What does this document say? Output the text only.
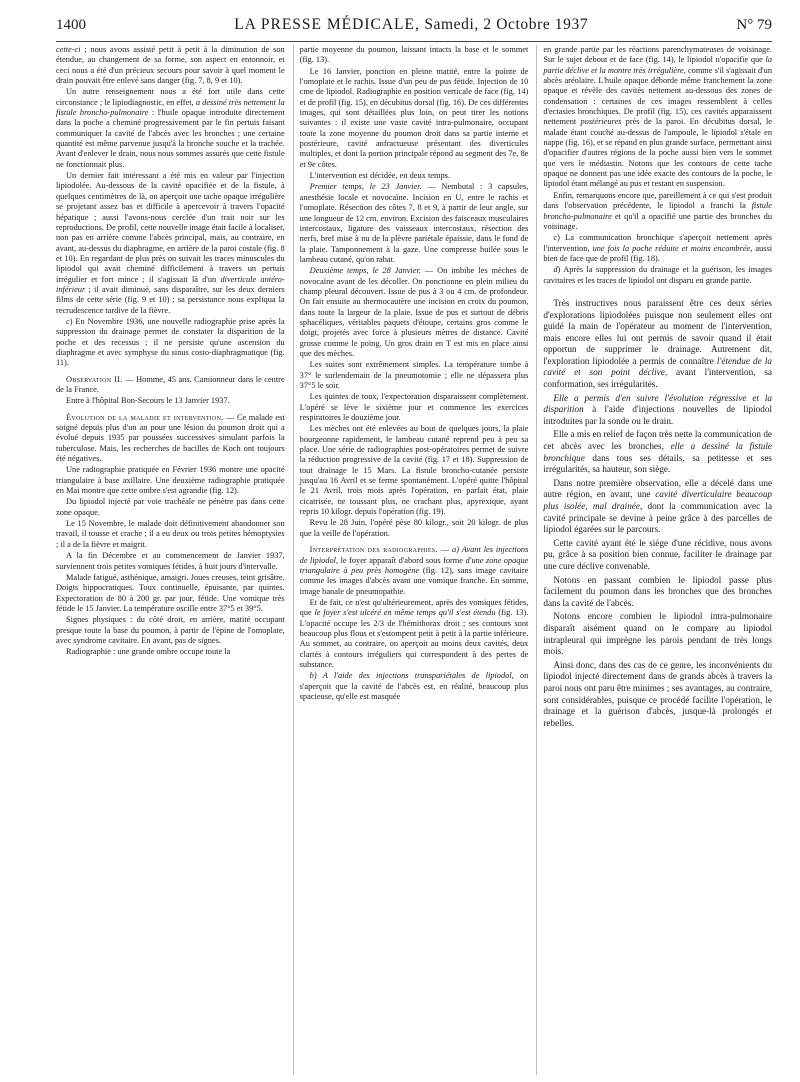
1400	LA PRESSE MÉDICALE, Samedi, 2 Octobre 1937	N° 79

cette-ci ; nous avons assisté petit à petit à la diminution de son étendue, au changement de sa forme, son aspect en entonnoir, et ceci nous a été d'un précieux secours pour savoir à quel moment le drain pouvait être enlevé sans danger (fig. 7, 8, 9 et 10).

Un autre renseignement nous a été fort utile dans cette circonstance ; le lipiodiagnostic, en effet, a dessiné très nettement la fistule broncho-pulmonaire : l'huile opaque introduite directement dans la poche a cheminé progressivement par le fin pertuis faisant communiquer la cavité de l'abcès avec les bronches ; une certaine quantité est même parvenue jusqu'à la bronche souche et la trachée. Avant d'enlever le drain, nous nous sommes assurés que cette fistule ne fonctionnait plus.

Un dernier fait intéressant a été mis en valeur par l'injection lipiodolée. Au-dessous de la cavité opacifiée et de la fistule, à quelques centimètres de là, on aperçoit une tache opaque irrégulière se projetant assez bas et difficile à apercevoir à travers l'opacité hépatique ; aussi l'avons-nous cerclée d'un trait noir sur les reproductions. De profil, cette nouvelle image était facile à localiser, non pas en arrière comme l'abcès principal, mais, au contraire, en avant, au-dessus du diaphragme, en arrière de la paroi costale (fig. 8 et 10). En regardant de plus près on suivait les traces minuscules du lipiodol qui avait cheminé difficilement à travers un pertuis irrégulier et fort mince ; il s'agissait là d'un diverticule antéro-inférieur ; il avait diminué, sans disparaître, sur les deux derniers films de cette série (fig. 9 et 10) ; sa persistance nous expliqua la recrudescence tardive de la fièvre.

c) En Novembre 1936, une nouvelle radiographie prise après la suppression du drainage permet de constater la disparition de la poche et des recessus ; il ne persiste qu'une ascension du diaphragme et avec symphyse du sinus costo-diaphragmatique (fig. 11).

Observation II. — Homme, 45 ans. Camionneur dans le centre de la France.

Entre à l'hôpital Bon-Secours le 13 Janvier 1937.

Évolution de la maladie et intervention. — Ce malade est soigné depuis plus d'un an pour une lésion du poumon droit qui a évolué depuis 1935 par poussées successives simulant parfois la tuberculose. Mais, les recherches de bacilles de Koch ont toujours été négatives.

Une radiographie pratiquée en Février 1936 montre une opacité triangulaire à base axillaire. Une deuxième radiographie pratiquée en Mai montre que cette ombre s'est agrandie (fig. 12).

Du lipiodol injecté par voie trachéale ne pénètre pas dans cette zone opaque.

Le 15 Novembre, le malade doit définitivement abandonner son travail, il tousse et crache ; il a eu deux ou trois petites hémoptysies ; il a de la fièvre et maigrit.

A la fin Décembre et au commencement de Janvier 1937, surviennent trois petites vomiques fétides, à huit jours d'intervalle.

Malade fatigué, asthénique, amaigri. Joues creuses, teint grisâtre. Doigts hippocratiques. Toux continuelle, épuisante, par quintes. Expectoration de 80 à 200 gr. par jour, fétide. Une vomique très fétide le 15 Janvier. La température oscille entre 37°5 et 39°5.

Signes physiques : du côté droit, en arrière, matité occupant presque toute la base du poumon, à partir de l'épine de l'omoplate, avec syndrome cavitaire. En avant, pas de signes.

Radiographie : une grande ombre occupe toute la

partie moyenne du poumon, laissant intacts la base et le sommet (fig. 13).

Le 16 Janvier, ponction en pleine matité, entre la pointe de l'omoplate et le rachis. Issue d'un peu de pus fétide. Injection de 10 cme de lipiodol. Radiographie en position verticale de face (fig. 14) et de profil (fig. 15), en décubitus dorsal (fig. 16). De ces différentes images, qui sont détaillées plus loin, on peut tirer les notions suivantes : il existe une vaste cavité intra-pulmonaire, occupant toute la zone moyenne du poumon droit dans sa partie interne et postérieure, cavité anfractueuse présentant des diverticules multiples, et dont la portion principale répond au segment des 7e, 8e et 9e côtes.

L'intervention est décidée, en deux temps.

Premier temps, le 23 Janvier. — Nembutal : 3 capsules, anesthésie locale et novocaïne. Incision en U, entre le rachis et l'omoplate. Résection des côtes 7, 8 et 9, à partir de leur angle, sur une longueur de 12 cm. environ. Excision des faisceaux musculaires intercostaux, ligature des vaisseaux intercostaux, résection des nerfs, bref mise à nu de la plèvre pariétale épaissie, dans le fond de la plaie. Tamponnement à la gaze. Une compresse huilée sous le lambeau cutané, qu'on rabat.

Deuxième temps, le 28 Janvier. — On imbibe les mèches de novocaïne avant de les décoller. On ponctionne en plein milieu du champ pleural découvert. Issue de pus à 3 ou 4 cm. de profondeur. On fait ensuite au thermocautère une incision en croix du poumon, dans toute la largeur de la plaie. Issue de pus et surtout de débris sphacéliques, véritables paquets d'étoupe, certains gros comme le doigt, projetés avec force à plusieurs mètres de distance. Cavité grosse comme le poing. Un gros drain en T est mis en place ainsi que des mèches.

Les suites sont extrêmement simples. La température tombe à 37° le surlendemain de la pneumotomie ; elle ne dépassera plus 37°5 le soir.

Les quintes de toux, l'expectoration disparaissent complètement. L'opéré se lève le sixième jour et commence les exercices respiratoires le douzième jour.

Les mèches ont été enlevées au bout de quelques jours, la plaie bourgeonne rapidement, le lambeau cutané reprend peu à peu sa place. Une série de radiographies post-opératoires permet de suivre la réduction progressive de la cavité (fig. 17 et 18). Suppression de tout drainage le 15 Mars. La fistule broncho-cutanée persiste jusqu'au 16 Avril et se ferme spontanément. L'opéré quitte l'hôpital le 21 Avril, trois mois après l'opération, en parfait état, plaie cicatrisée, ne toussant plus, ne crachant plus, apyrexique, ayant repris 10 kilogr. depuis l'opération (fig. 19).

Revu le 28 Juin, l'opéré pèse 80 kilogr., soit 20 kilogr. de plus que la veille de l'opération.

Interprétation des radiographies. — a) Avant les injections de lipiodol, le foyer apparaît d'abord sous forme d'une zone opaque triangulaire à peu près homogène (fig. 12), sans image cavitaire comme les images d'abcès avant une vomique franche. En somme, image banale de pneumopathie.

Et de fait, ce n'est qu'ultérieurement, après des vomiques fétides, que le foyer s'est ulcéré en même temps qu'il s'est étendu (fig. 13). L'opacité occupe les 2/3 de l'hémithorax droit ; ses contours sont beaucoup plus flous et s'estompent petit à petit à la partie inférieure. Au sommet, au contraire, on aperçoit au moins deux cavités, deux clartés à contours irréguliers qui correspondent à des pertes de substance.

b) A l'aide des injections transpariétales de lipiodol, on s'aperçoit que la cavité de l'abcès est, en réalité, beaucoup plus spacieuse, qu'elle est masquée

en grande partie par les réactions parenchymateuses de voisinage. Sur le sujet debout et de face (fig. 14), le lipiodol n'opacifie que la partie déclive et la montre très irrégulière, comme s'il s'agissait d'un abcès aréolaire. L'huile opaque déborde même franchement la zone opaque et révèle des cavités nettement au-dessous des zones de condensation : certaines de ces images ressemblent à celles d'ectasies bronchiques. De profil (fig. 15), ces cavités apparaissent nettement postérieures près de la paroi. En décubitus dorsal, le malade étant couché au-dessus de l'ampoule, le lipiodol s'étale en nappe (fig. 16), et se répand en plus grande surface, permettant ainsi d'opacifier d'autres régions de la poche aussi bien vers le sommet que vers le médiastin. Notons que les contours de cette tache opaque ne donnent pas une idée exacte des contours de la poche, le lipiodol étant mélangé au pus et restant en suspension.

Enfin, remarquons encore que, pareillement à ce qui s'est produit dans l'observation précédente, le lipiodol a franchi la fistule broncho-pulmonaire et qu'il a opacifié une partie des bronches du voisinage.

c) La communication bronchique s'aperçoit nettement après l'intervention, une fois la poche réduite et moins encombrée, aussi bien de face que de profil (fig. 18).

d) Après la suppression du drainage et la guérison, les images cavitaires et les traces de lipiodol ont disparu en grande partie.

Très instructives nous paraissent être ces deux séries d'explorations lipiodolées puisque non seulement elles ont guidé la main de l'opérateur au moment de l'intervention, mais encore elles lui ont permis de savoir quand il était opportun de supprimer le drainage. Autrement dit, l'exploration lipiodolée a permis de connaître l'étendue de la cavité et son point déclive, avant l'intervention, sa conformation, ses irrégularités.

Elle a permis d'en suivre l'évolution régressive et la disparition à l'aide d'injections nouvelles de lipiodol introduites par la sonde ou le drain.

Elle a mis en relief de façon très nette la communication de cet abcès avec les bronches, elle a dessiné la fistule bronchique dans tous ses détails, sa petitesse et ses irrégularités, sa hauteur, son siège.

Dans notre première observation, elle a décelé dans une autre région, en avant, une cavité diverticulaire beaucoup plus isolée, mal drainée, dont la communication avec la cavité principale se devine à peine grâce à des parcelles de lipiodol égarées sur le parcours.

Cette cavité ayant été le siège d'une récidive, nous avons pu, grâce à sa position bien connue, faciliter le drainage par une cure déclive convenable.

Notons en passant combien le lipiodol passe plus facilement du poumon dans les bronches que des bronches dans la cavité de l'abcès.

Notons encore combien le lipiodol intra-pulmonaire disparaît aisément quand on le compare au lipiodol intrapleural qui imprègne les parois pendant de très longs mois.

Ainsi donc, dans des cas de ce genre, les inconvénients du lipiodol injecté directement dans de grands abcès à travers la paroi nous ont paru être minimes ; ses avantages, au contraire, sont considérables, puisque ce procédé facilite l'opération, le drainage et la guérison d'abcès, jusque-là prolongés et rebelles.
